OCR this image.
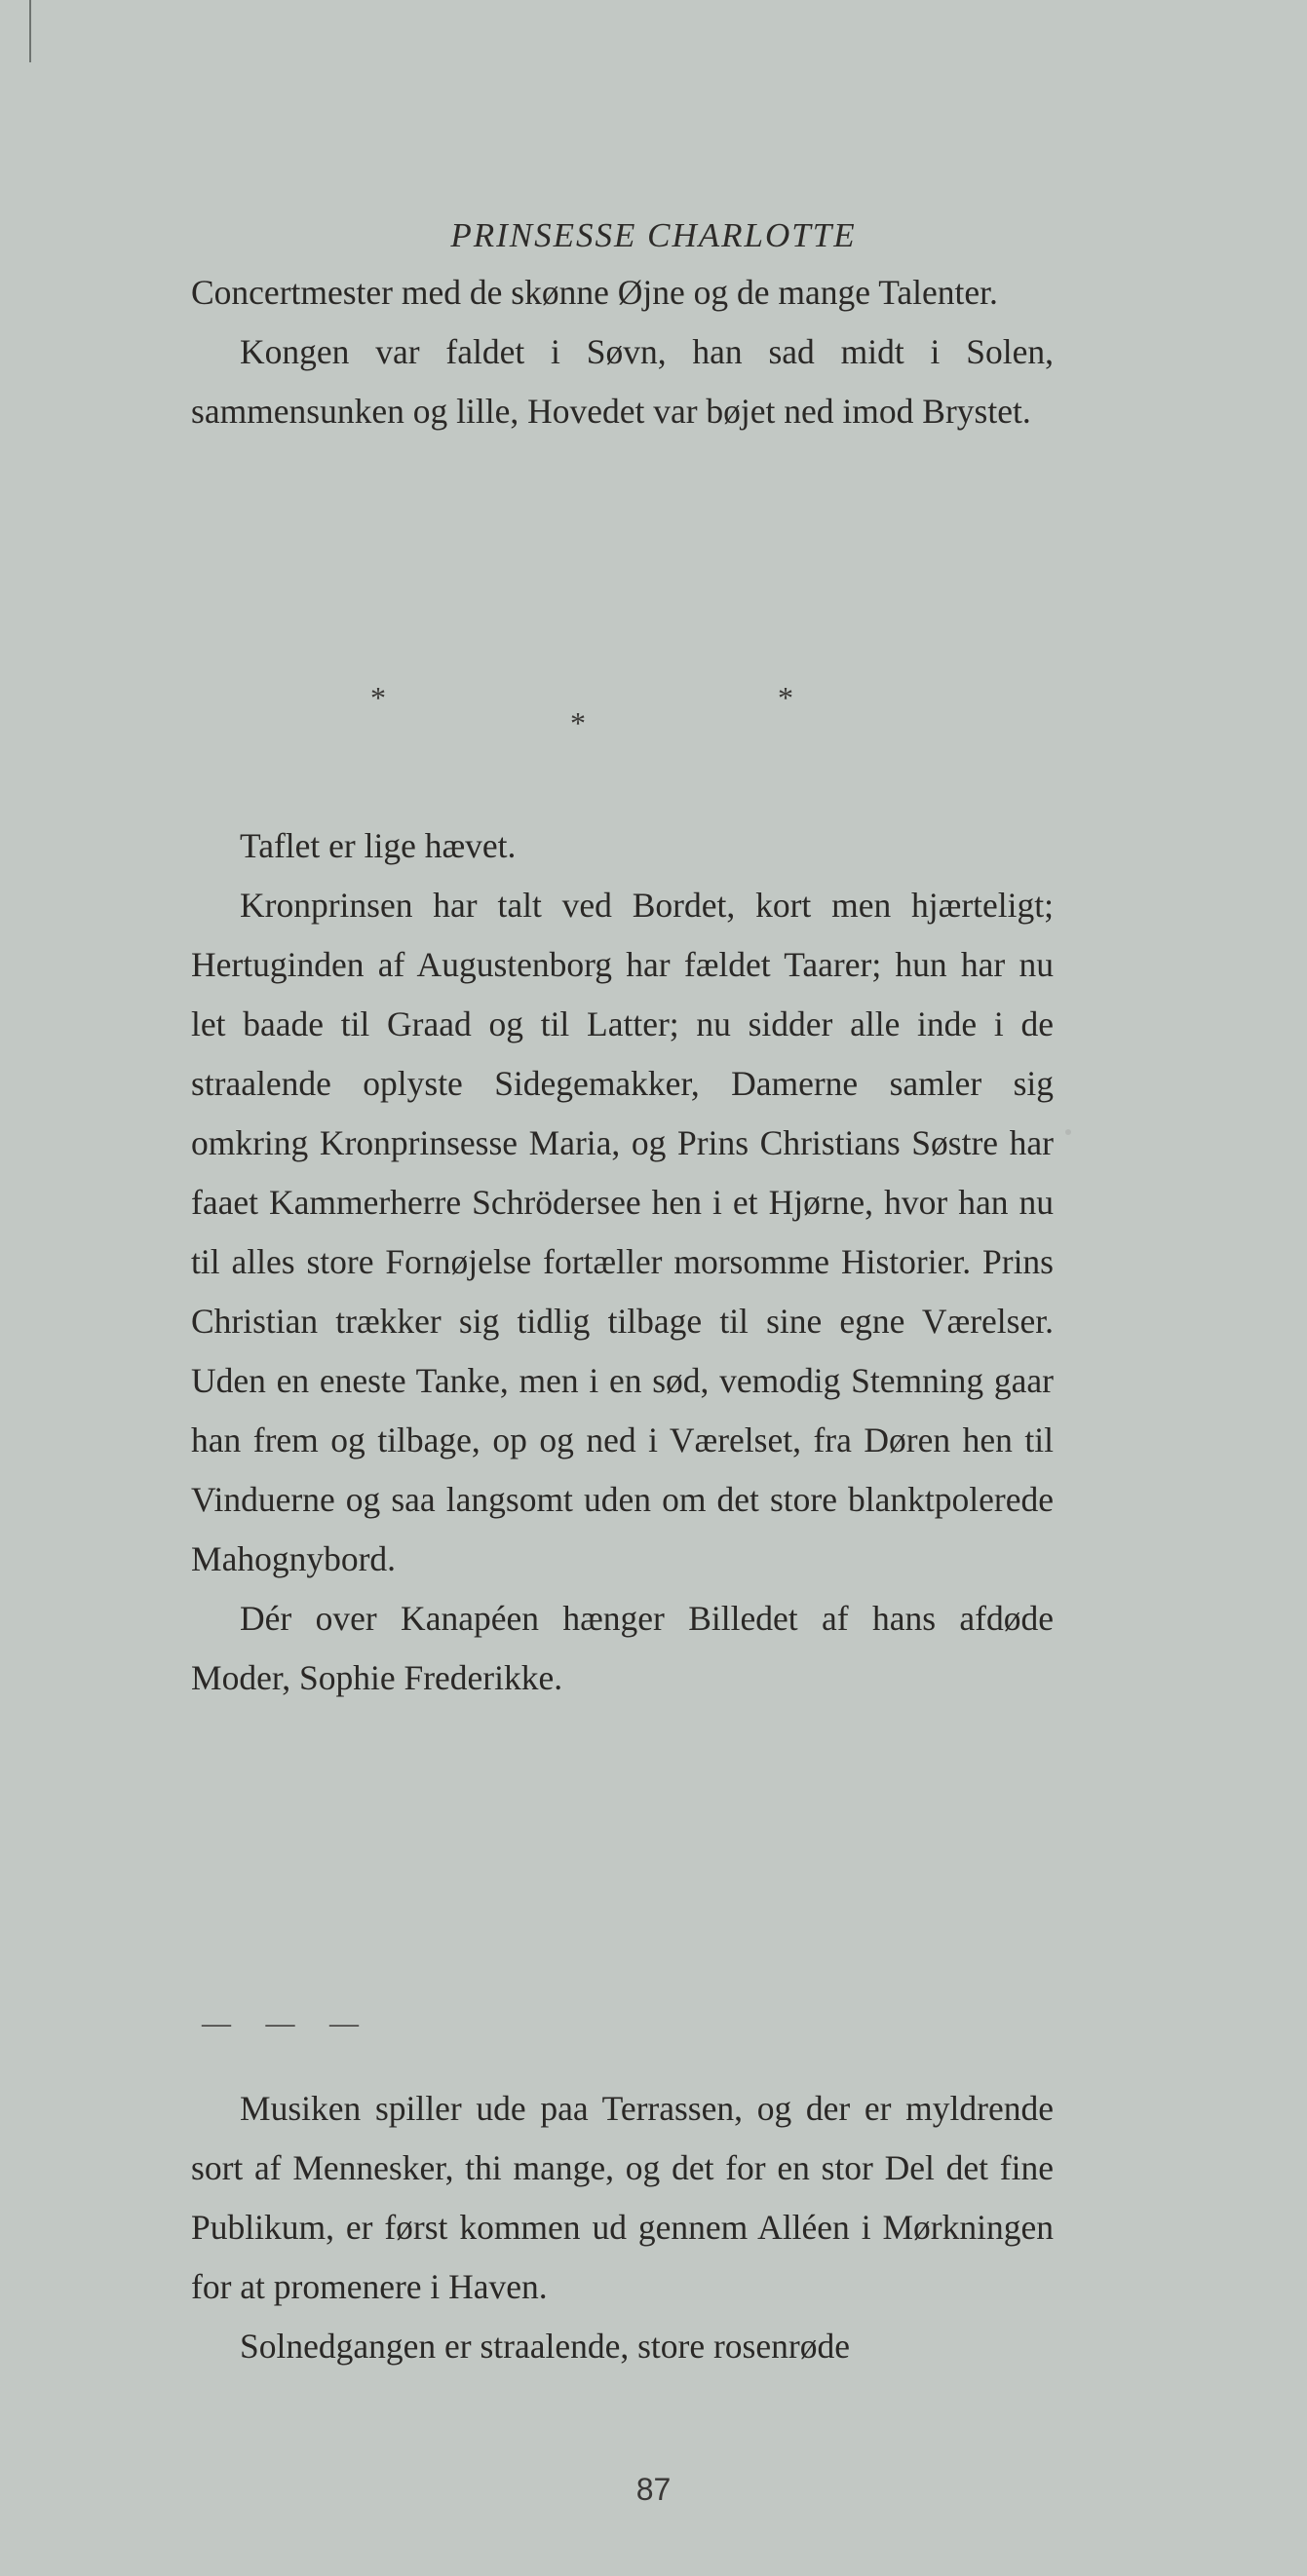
PRINSESSE CHARLOTTE

Concertmester med de skønne Øjne og de mange Talenter.

Kongen var faldet i Søvn, han sad midt i Solen, sammensunken og lille, Hovedet var bøjet ned imod Brystet.

*
*
*

Taflet er lige hævet.

Kronprinsen har talt ved Bordet, kort men hjærteligt; Hertuginden af Augustenborg har fældet Taarer; hun har nu let baade til Graad og til Latter; nu sidder alle inde i de straalende oplyste Sidegemakker, Damerne samler sig omkring Kronprinsesse Maria, og Prins Christians Søstre har faaet Kammerherre Schrödersee hen i et Hjørne, hvor han nu til alles store Fornøjelse fortæller morsomme Historier. Prins Christian trækker sig tidlig tilbage til sine egne Værelser. Uden en eneste Tanke, men i en sød, vemodig Stemning gaar han frem og tilbage, op og ned i Værelset, fra Døren hen til Vinduerne og saa langsomt uden om det store blanktpolerede Mahognybord.

Dér over Kanapéen hænger Billedet af hans afdøde Moder, Sophie Frederikke.

— — —

Musiken spiller ude paa Terrassen, og der er myldrende sort af Mennesker, thi mange, og det for en stor Del det fine Publikum, er først kommen ud gennem Alléen i Mørkningen for at promenere i Haven.

Solnedgangen er straalende, store rosenrøde

87
